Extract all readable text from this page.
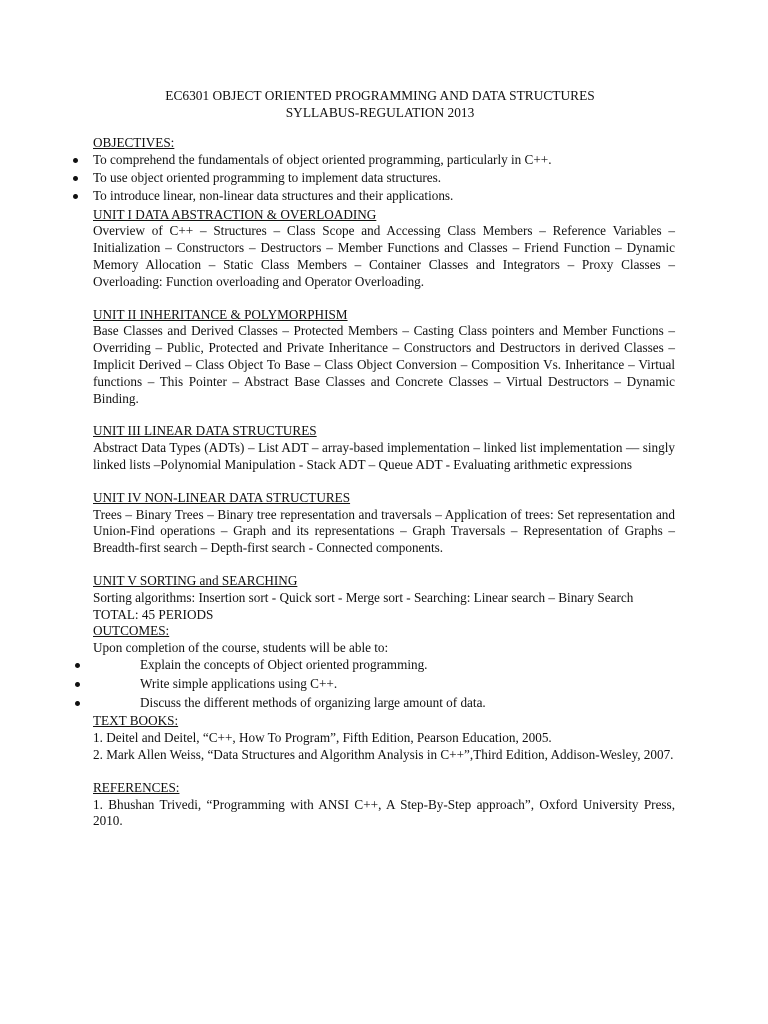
EC6301 OBJECT ORIENTED PROGRAMMING AND DATA STRUCTURES

SYLLABUS-REGULATION 2013

OBJECTIVES:

To comprehend the fundamentals of object oriented programming, particularly in C++.
To use object oriented programming to implement data structures.
To introduce linear, non-linear data structures and their applications.

UNIT I DATA ABSTRACTION & OVERLOADING

Overview of C++ – Structures – Class Scope and Accessing Class Members – Reference Variables – Initialization – Constructors – Destructors – Member Functions and Classes – Friend Function – Dynamic Memory Allocation – Static Class Members – Container Classes and Integrators – Proxy Classes – Overloading: Function overloading and Operator Overloading.

UNIT II INHERITANCE & POLYMORPHISM

Base Classes and Derived Classes – Protected Members – Casting Class pointers and Member Functions – Overriding – Public, Protected and Private Inheritance – Constructors and Destructors in derived Classes – Implicit Derived – Class Object To Base – Class Object Conversion – Composition Vs. Inheritance – Virtual functions – This Pointer – Abstract Base Classes and Concrete Classes – Virtual Destructors – Dynamic Binding.

UNIT III LINEAR DATA STRUCTURES

Abstract Data Types (ADTs) – List ADT – array-based implementation – linked list implementation –– singly linked lists –Polynomial Manipulation - Stack ADT – Queue ADT - Evaluating arithmetic expressions

UNIT IV NON-LINEAR DATA STRUCTURES

Trees – Binary Trees – Binary tree representation and traversals – Application of trees: Set representation and Union-Find operations – Graph and its representations – Graph Traversals – Representation of Graphs – Breadth-first search – Depth-first search - Connected components.

UNIT V SORTING and SEARCHING

Sorting algorithms: Insertion sort - Quick sort - Merge sort - Searching: Linear search – Binary Search

TOTAL: 45 PERIODS

OUTCOMES:

Upon completion of the course, students will be able to:

Explain the concepts of Object oriented programming.
Write simple applications using C++.
Discuss the different methods of organizing large amount of data.

TEXT BOOKS:

1. Deitel and Deitel, “C++, How To Program”, Fifth Edition, Pearson Education, 2005.

2. Mark Allen Weiss, “Data Structures and Algorithm Analysis in C++”,Third Edition, Addison-Wesley, 2007.

REFERENCES:

1. Bhushan Trivedi, “Programming with ANSI C++, A Step-By-Step approach”, Oxford University Press, 2010.
